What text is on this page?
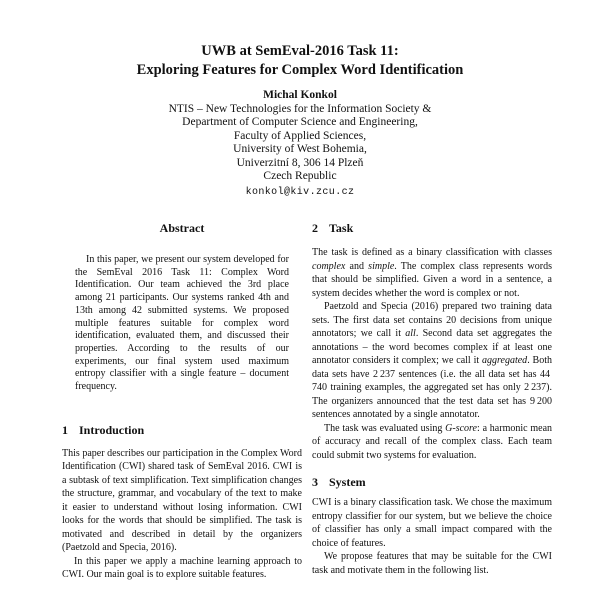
UWB at SemEval-2016 Task 11:
Exploring Features for Complex Word Identification
Michal Konkol
NTIS – New Technologies for the Information Society &
Department of Computer Science and Engineering,
Faculty of Applied Sciences,
University of West Bohemia,
Univerzitní 8, 306 14 Plzeň
Czech Republic
konkol@kiv.zcu.cz
Abstract

In this paper, we present our system developed for the SemEval 2016 Task 11: Complex Word Identification. Our team achieved the 3rd place among 21 participants. Our systems ranked 4th and 13th among 42 submitted systems. We proposed multiple features suitable for complex word identification, evaluated them, and discussed their properties. According to the results of our experiments, our final system used maximum entropy classifier with a single feature – document frequency.

1 Introduction

This paper describes our participation in the Complex Word Identification (CWI) shared task of SemEval 2016. CWI is a subtask of text simplification. Text simplification changes the structure, grammar, and vocabulary of the text to make it easier to understand without losing information. CWI looks for the words that should be simplified. The task is motivated and described in detail by the organizers (Paetzold and Specia, 2016).

In this paper we apply a machine learning approach to CWI. Our main goal is to explore suitable features.

2 Task

The task is defined as a binary classification with classes complex and simple. The complex class represents words that should be simplified. Given a word in a sentence, a system decides whether the word is complex or not.

Paetzold and Specia (2016) prepared two training data sets. The first data set contains 20 decisions from unique annotators; we call it all. Second data set aggregates the annotations – the word becomes complex if at least one annotator considers it complex; we call it aggregated. Both data sets have 2 237 sentences (i.e. the all data set has 44 740 training examples, the aggregated set has only 2 237). The organizers announced that the test data set has 9 200 sentences annotated by a single annotator.

The task was evaluated using G-score: a harmonic mean of accuracy and recall of the complex class. Each team could submit two systems for evaluation.

3 System

CWI is a binary classification task. We chose the maximum entropy classifier for our system, but we believe the choice of classifier has only a small impact compared with the choice of features.

We propose features that may be suitable for the CWI task and motivate them in the following list.
